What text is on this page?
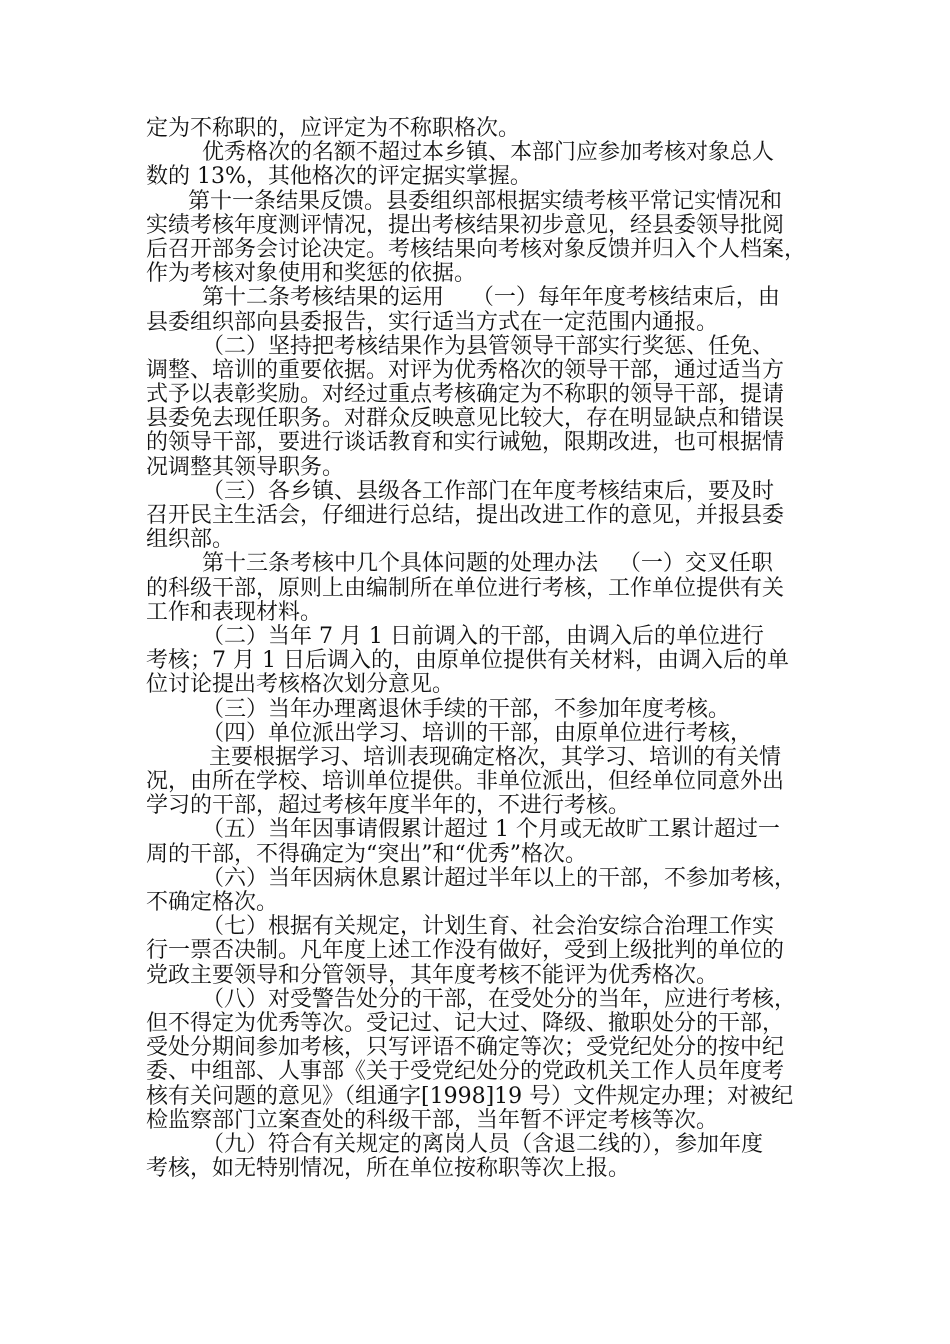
定为不称职的，应评定为不称职格次。
优秀格次的名额不超过本乡镇、本部门应参加考核对象总人
数的 13%，其他格次的评定据实掌握。
第十一条结果反馈。县委组织部根据实绩考核平常记实情况和
实绩考核年度测评情况，提出考核结果初步意见，经县委领导批阅
后召开部务会讨论决定。考核结果向考核对象反馈并归入个人档案，
作为考核对象使用和奖惩的依据。
第十二条考核结果的运用    （一）每年年度考核结束后，由
县委组织部向县委报告，实行适当方式在一定范围内通报。
（二）坚持把考核结果作为县管领导干部实行奖惩、任免、
调整、培训的重要依据。对评为优秀格次的领导干部，通过适当方
式予以表彰奖励。对经过重点考核确定为不称职的领导干部，提请
县委免去现任职务。对群众反映意见比较大，存在明显缺点和错误
的领导干部，要进行谈话教育和实行诫勉，限期改进，也可根据情
况调整其领导职务。
（三）各乡镇、县级各工作部门在年度考核结束后，要及时
召开民主生活会，仔细进行总结，提出改进工作的意见，并报县委
组织部。
第十三条考核中几个具体问题的处理办法   （一）交叉任职
的科级干部，原则上由编制所在单位进行考核，工作单位提供有关
工作和表现材料。
（二）当年 7 月 1 日前调入的干部，由调入后的单位进行
考核；7 月 1 日后调入的，由原单位提供有关材料，由调入后的单
位讨论提出考核格次划分意见。
（三）当年办理离退休手续的干部，不参加年度考核。
（四）单位派出学习、培训的干部，由原单位进行考核，
主要根据学习、培训表现确定格次，其学习、培训的有关情
况，由所在学校、培训单位提供。非单位派出，但经单位同意外出
学习的干部，超过考核年度半年的，不进行考核。
（五）当年因事请假累计超过 1 个月或无故旷工累计超过一
周的干部，不得确定为“突出”和“优秀”格次。
（六）当年因病休息累计超过半年以上的干部，不参加考核，
不确定格次。
（七）根据有关规定，计划生育、社会治安综合治理工作实
行一票否决制。凡年度上述工作没有做好，受到上级批判的单位的
党政主要领导和分管领导，其年度考核不能评为优秀格次。
（八）对受警告处分的干部，在受处分的当年，应进行考核，
但不得定为优秀等次。受记过、记大过、降级、撤职处分的干部，
受处分期间参加考核，只写评语不确定等次；受党纪处分的按中纪
委、中组部、人事部《关于受党纪处分的党政机关工作人员年度考
核有关问题的意见》（组通字[1998]19 号）文件规定办理；对被纪
检监察部门立案查处的科级干部，当年暂不评定考核等次。
（九）符合有关规定的离岗人员（含退二线的），参加年度
考核，如无特别情况，所在单位按称职等次上报。
